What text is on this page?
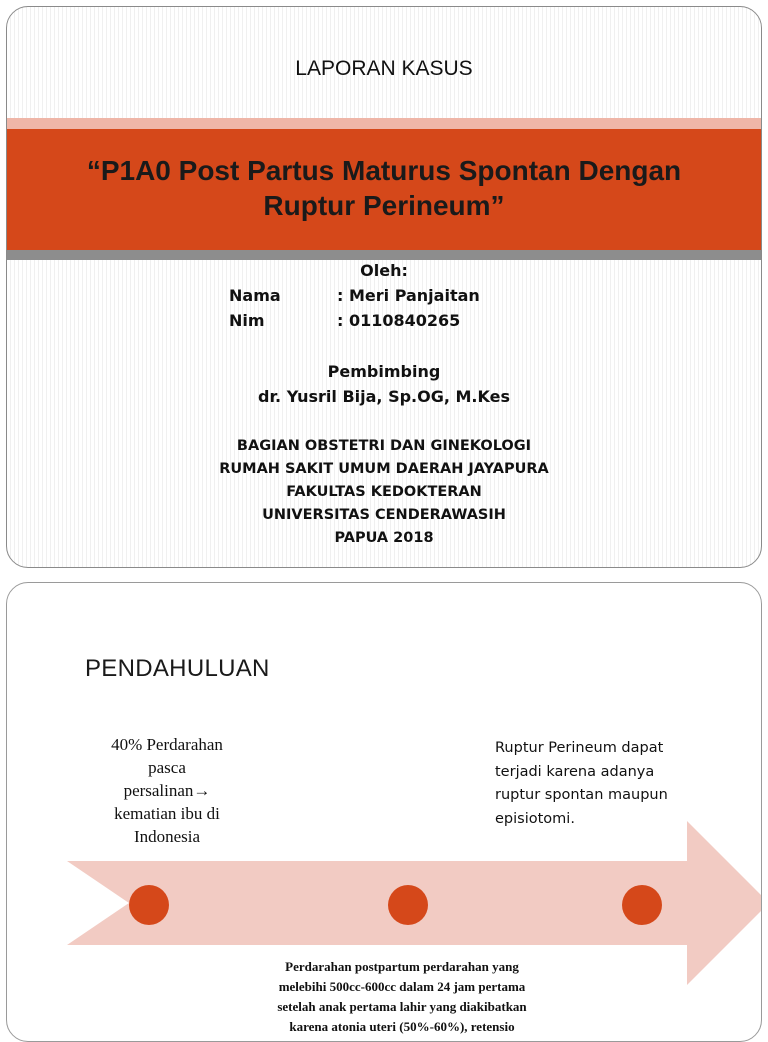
LAPORAN KASUS
“P1A0 Post Partus Maturus Spontan Dengan
Ruptur Perineum”
Oleh:
Nama	: Meri Panjaitan
Nim	: 0110840265
Pembimbing
dr. Yusril Bija, Sp.OG, M.Kes
BAGIAN OBSTETRI DAN GINEKOLOGI
RUMAH SAKIT UMUM DAERAH JAYAPURA
FAKULTAS KEDOKTERAN
UNIVERSITAS CENDERAWASIH
PAPUA 2018
PENDAHULUAN
40% Perdarahan
pasca
persalinan→
kematian ibu di
Indonesia
Ruptur Perineum dapat
terjadi karena adanya
ruptur spontan maupun
episiotomi.
Perdarahan postpartum perdarahan yang
melebihi 500cc-600cc dalam 24 jam pertama
setelah anak pertama lahir yang diakibatkan
karena atonia uteri (50%-60%), retensio
